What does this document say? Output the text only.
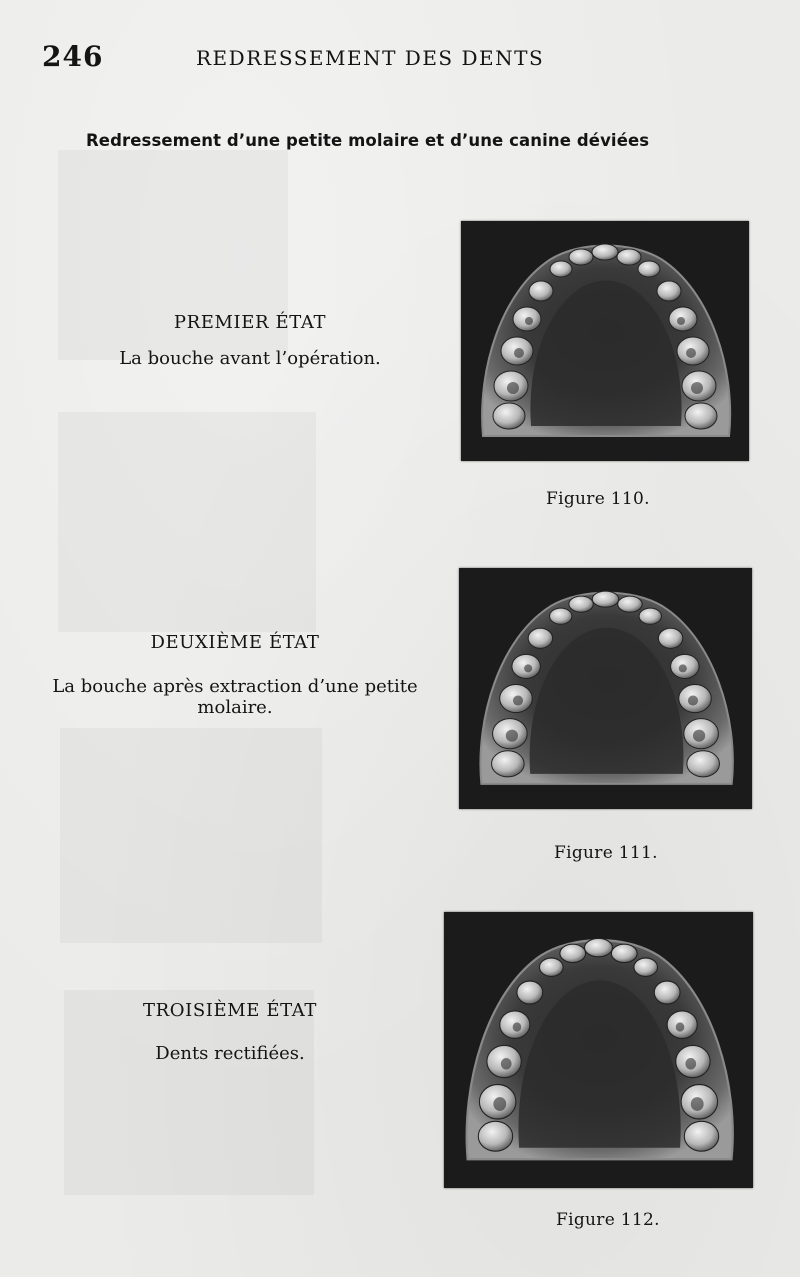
246	REDRESSEMENT DES DENTS
Redressement d’une petite molaire et d’une canine déviées
PREMIER ÉTAT
La bouche avant l’opération.
Figure 110.
DEUXIÈME ÉTAT
La bouche après extraction d’une petite molaire.
Figure 111.
TROISIÈME ÉTAT
Dents rectifiées.
Figure 112.
